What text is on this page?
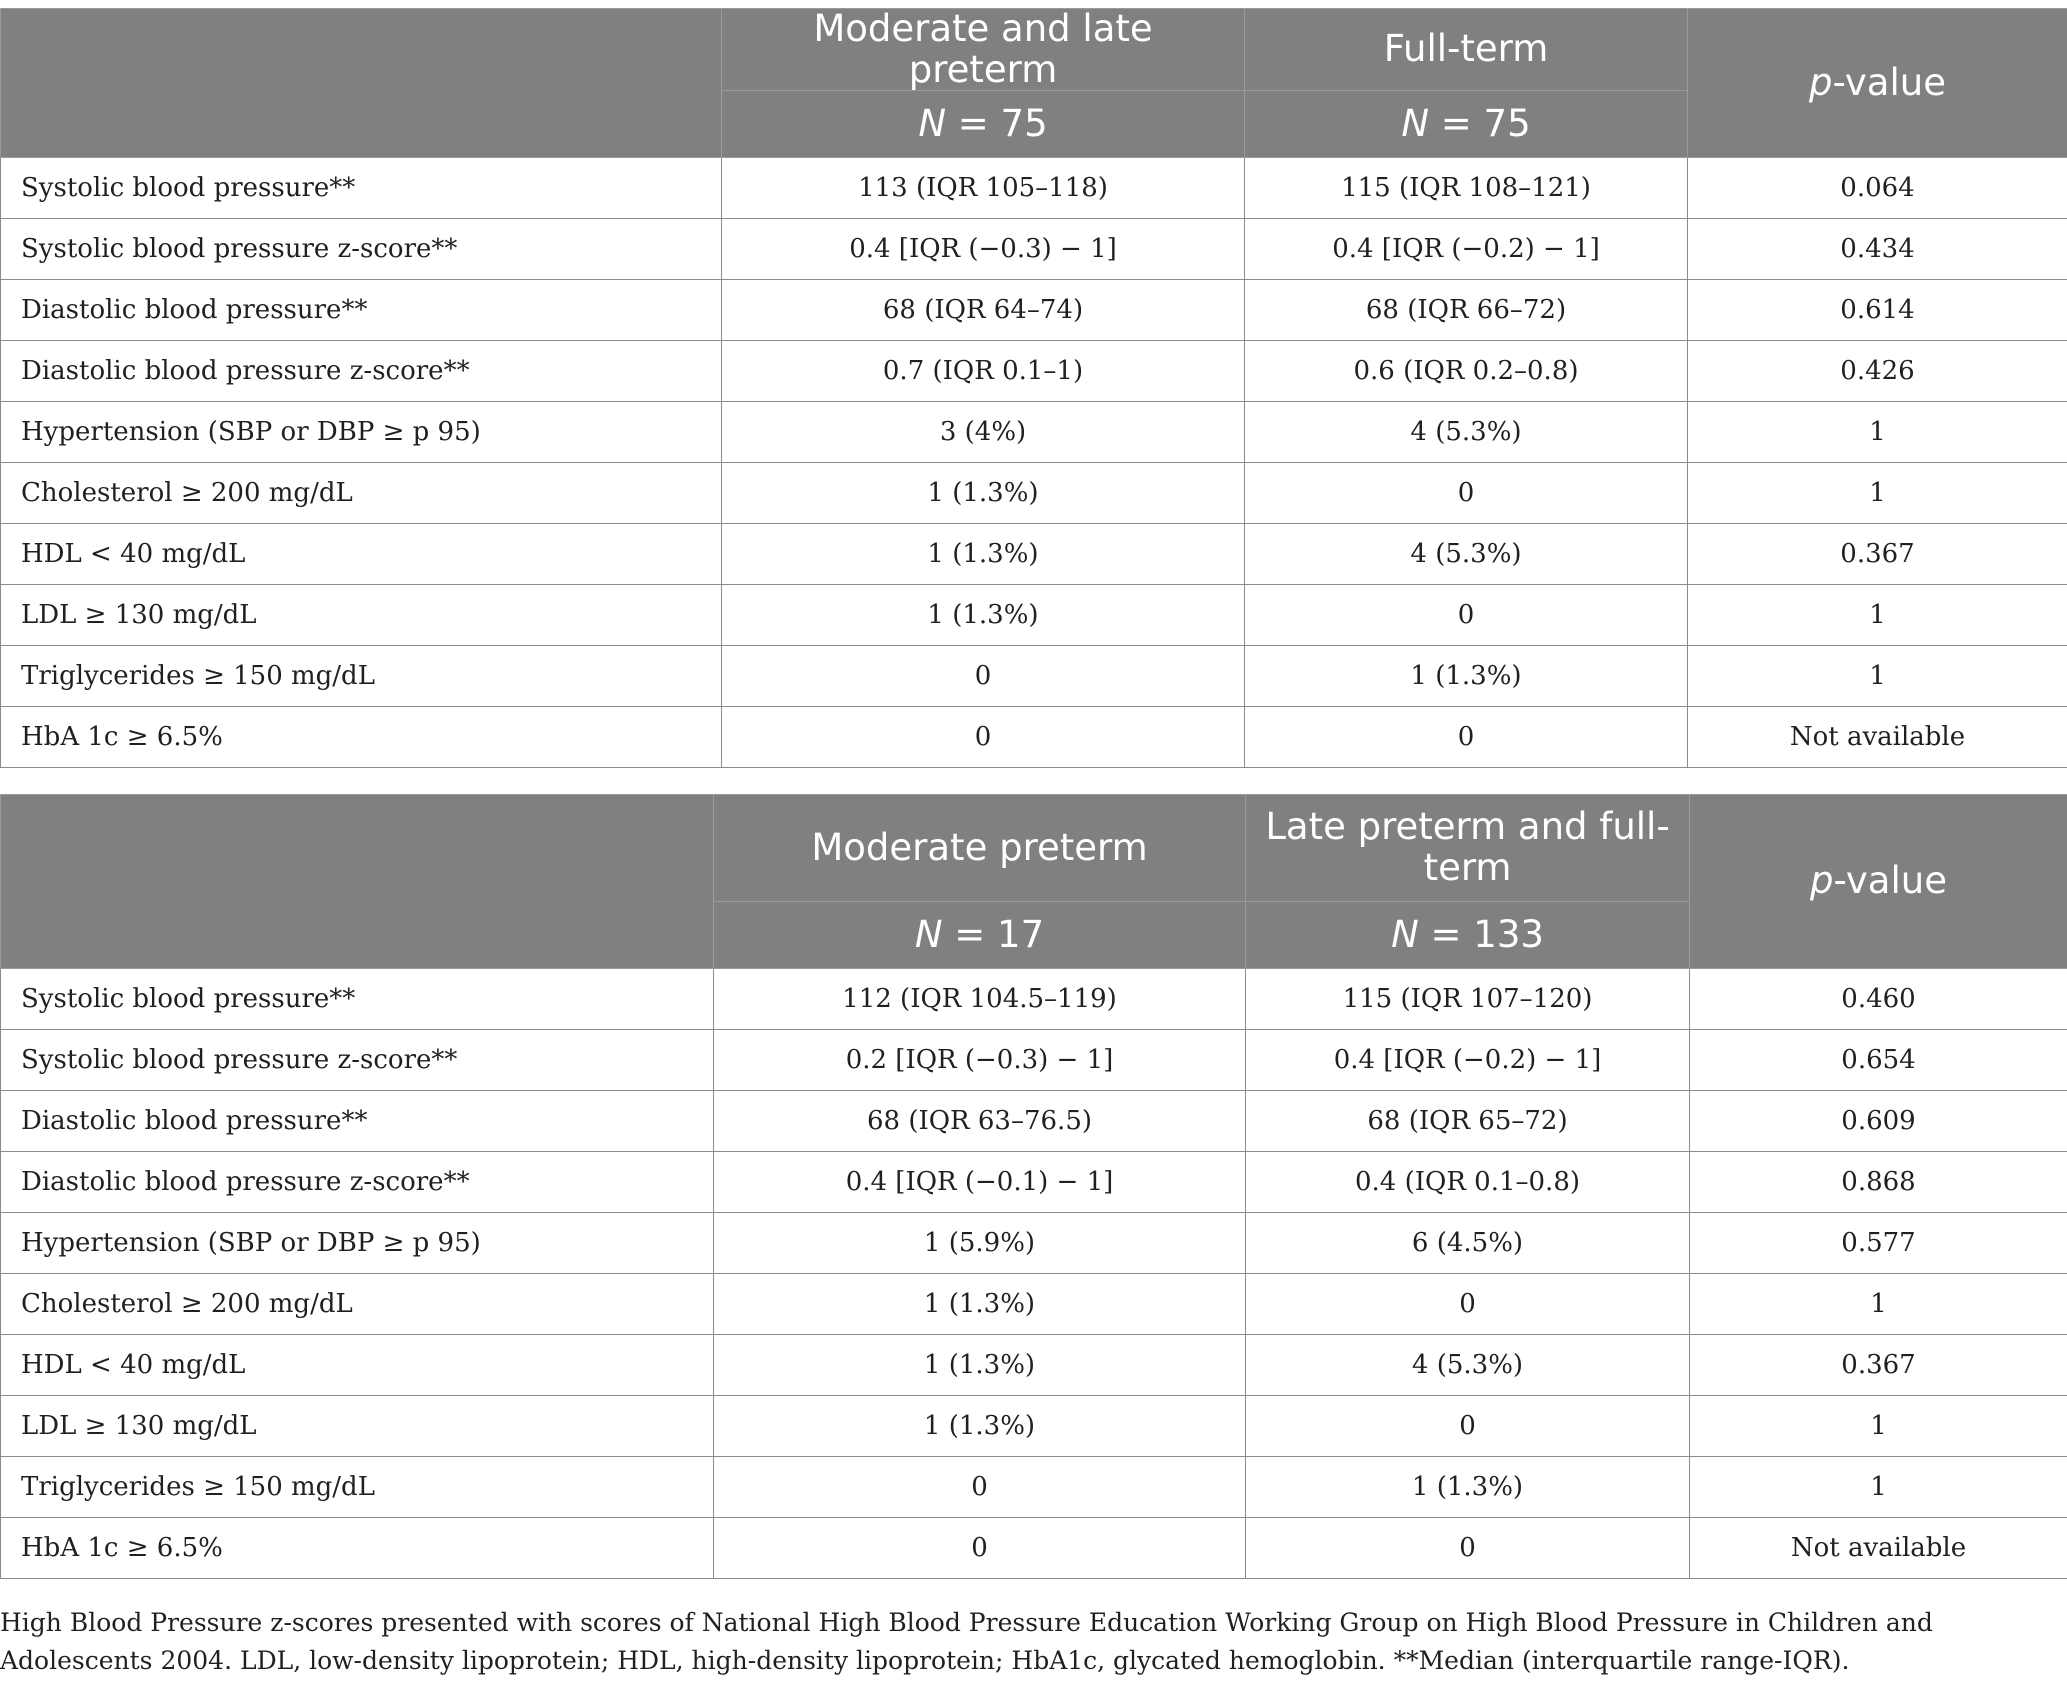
	Moderate and late preterm	Full-term	p-value
	N = 75	N = 75	
Systolic blood pressure**	113 (IQR 105–118)	115 (IQR 108–121)	0.064
Systolic blood pressure z-score**	0.4 [IQR (−0.3) − 1]	0.4 [IQR (−0.2) − 1]	0.434
Diastolic blood pressure**	68 (IQR 64–74)	68 (IQR 66–72)	0.614
Diastolic blood pressure z-score**	0.7 (IQR 0.1–1)	0.6 (IQR 0.2–0.8)	0.426
Hypertension (SBP or DBP ≥ p 95)	3 (4%)	4 (5.3%)	1
Cholesterol ≥ 200 mg/dL	1 (1.3%)	0	1
HDL < 40 mg/dL	1 (1.3%)	4 (5.3%)	0.367
LDL ≥ 130 mg/dL	1 (1.3%)	0	1
Triglycerides ≥ 150 mg/dL	0	1 (1.3%)	1
HbA 1c ≥ 6.5%	0	0	Not available
	Moderate preterm	Late preterm and full-term	p-value
	N = 17	N = 133	
Systolic blood pressure**	112 (IQR 104.5–119)	115 (IQR 107–120)	0.460
Systolic blood pressure z-score**	0.2 [IQR (−0.3) − 1]	0.4 [IQR (−0.2) − 1]	0.654
Diastolic blood pressure**	68 (IQR 63–76.5)	68 (IQR 65–72)	0.609
Diastolic blood pressure z-score**	0.4 [IQR (−0.1) − 1]	0.4 (IQR 0.1–0.8)	0.868
Hypertension (SBP or DBP ≥ p 95)	1 (5.9%)	6 (4.5%)	0.577
Cholesterol ≥ 200 mg/dL	1 (1.3%)	0	1
HDL < 40 mg/dL	1 (1.3%)	4 (5.3%)	0.367
LDL ≥ 130 mg/dL	1 (1.3%)	0	1
Triglycerides ≥ 150 mg/dL	0	1 (1.3%)	1
HbA 1c ≥ 6.5%	0	0	Not available
High Blood Pressure z-scores presented with scores of National High Blood Pressure Education Working Group on High Blood Pressure in Children and Adolescents 2004. LDL, low-density lipoprotein; HDL, high-density lipoprotein; HbA1c, glycated hemoglobin. **Median (interquartile range-IQR).
